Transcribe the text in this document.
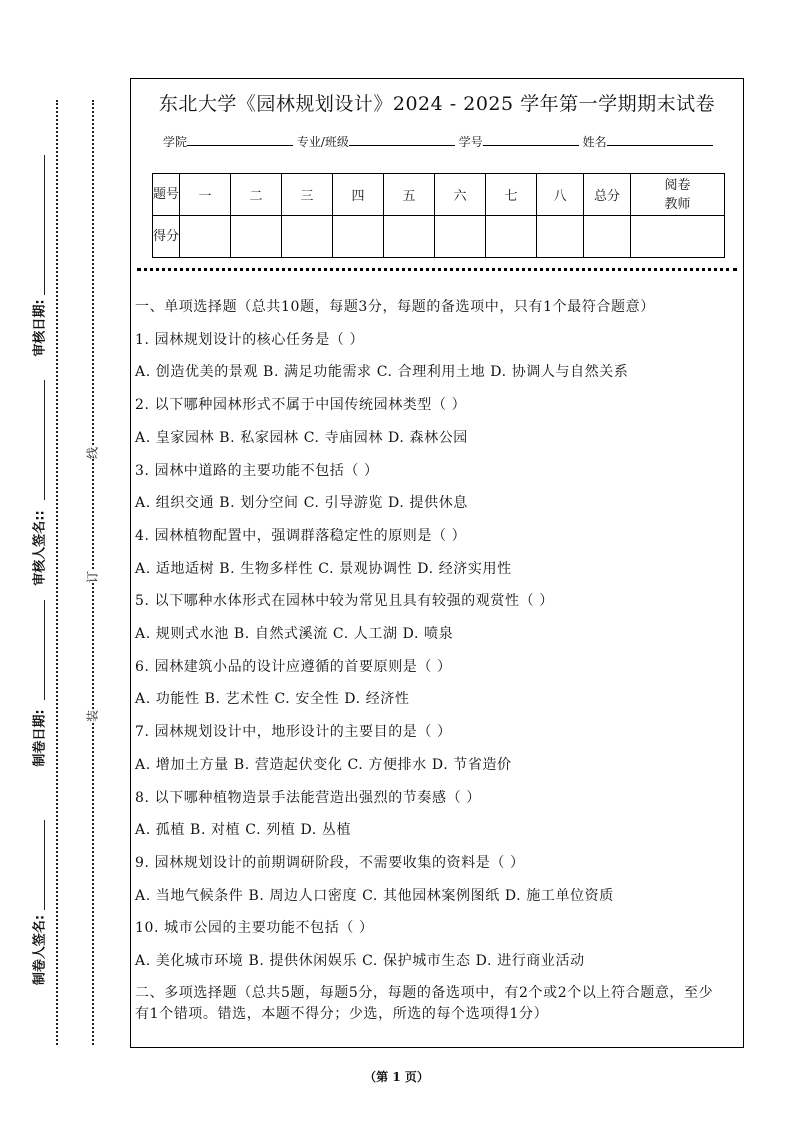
制卷人签名:
制卷日期:
审核人签名::
审核日期:
装
订
线
东北大学《园林规划设计》2024 - 2025 学年第一学期期末试卷
学院	专业/班级	学号	姓名
题号	一	二	三	四	五	六	七	八	总分	阅卷教师
得分										
一、单项选择题（总共10题，每题3分，每题的备选项中，只有1个最符合题意）
1. 园林规划设计的核心任务是（ ）
A. 创造优美的景观 B. 满足功能需求 C. 合理利用土地 D. 协调人与自然关系
2. 以下哪种园林形式不属于中国传统园林类型（ ）
A. 皇家园林 B. 私家园林 C. 寺庙园林 D. 森林公园
3. 园林中道路的主要功能不包括（ ）
A. 组织交通 B. 划分空间 C. 引导游览 D. 提供休息
4. 园林植物配置中，强调群落稳定性的原则是（ ）
A. 适地适树 B. 生物多样性 C. 景观协调性 D. 经济实用性
5. 以下哪种水体形式在园林中较为常见且具有较强的观赏性（ ）
A. 规则式水池 B. 自然式溪流 C. 人工湖 D. 喷泉
6. 园林建筑小品的设计应遵循的首要原则是（ ）
A. 功能性 B. 艺术性 C. 安全性 D. 经济性
7. 园林规划设计中，地形设计的主要目的是（ ）
A. 增加土方量 B. 营造起伏变化 C. 方便排水 D. 节省造价
8. 以下哪种植物造景手法能营造出强烈的节奏感（ ）
A. 孤植 B. 对植 C. 列植 D. 丛植
9. 园林规划设计的前期调研阶段，不需要收集的资料是（ ）
A. 当地气候条件 B. 周边人口密度 C. 其他园林案例图纸 D. 施工单位资质
10. 城市公园的主要功能不包括（ ）
A. 美化城市环境 B. 提供休闲娱乐 C. 保护城市生态 D. 进行商业活动
二、多项选择题（总共5题，每题5分，每题的备选项中，有2个或2个以上符合题意，至少有1个错项。错选，本题不得分；少选，所选的每个选项得1分）
（第 1 页）
